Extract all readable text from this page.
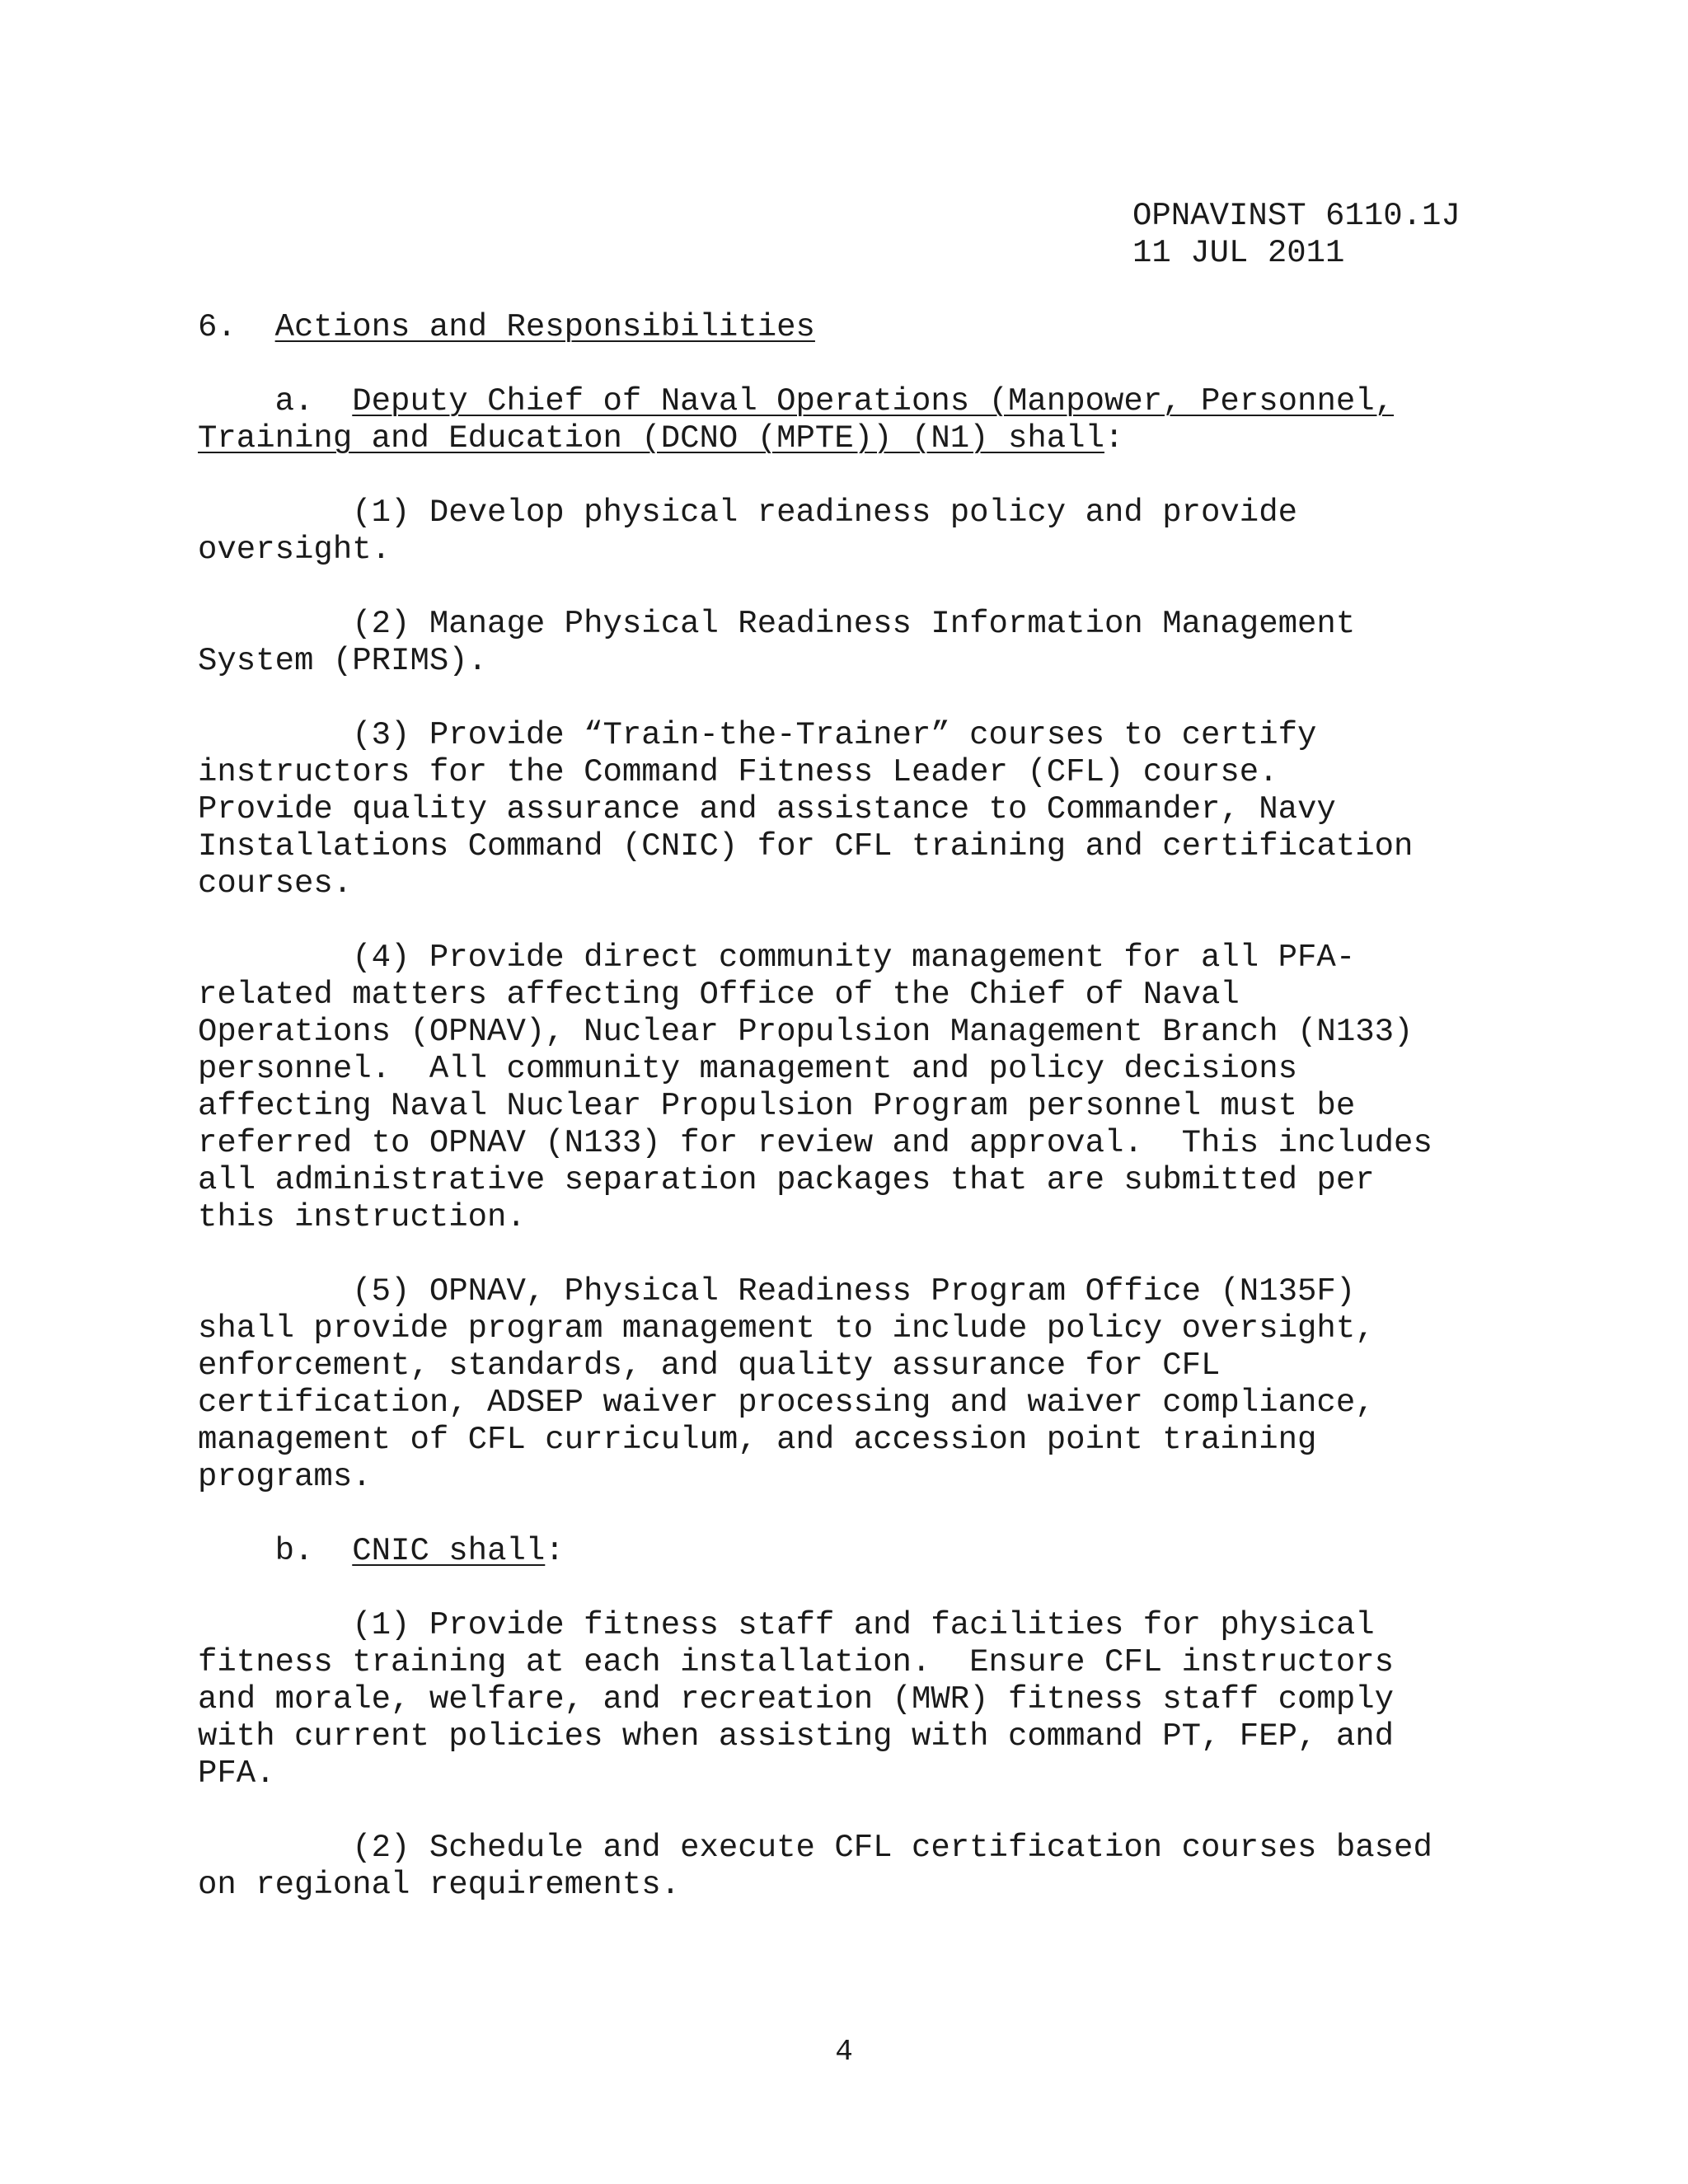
OPNAVINST 6110.1J

11 JUL 2011

6. Actions and Responsibilities

a. Deputy Chief of Naval Operations (Manpower, Personnel,

Training and Education (DCNO (MPTE)) (N1) shall:

(1) Develop physical readiness policy and provide

oversight.

(2) Manage Physical Readiness Information Management

System (PRIMS).

(3) Provide “Train-the-Trainer” courses to certify

instructors for the Command Fitness Leader (CFL) course.

Provide quality assurance and assistance to Commander, Navy

Installations Command (CNIC) for CFL training and certification

courses.

(4) Provide direct community management for all PFA-

related matters affecting Office of the Chief of Naval

Operations (OPNAV), Nuclear Propulsion Management Branch (N133)

personnel.  All community management and policy decisions

affecting Naval Nuclear Propulsion Program personnel must be

referred to OPNAV (N133) for review and approval.  This includes

all administrative separation packages that are submitted per

this instruction.

(5) OPNAV, Physical Readiness Program Office (N135F)

shall provide program management to include policy oversight,

enforcement, standards, and quality assurance for CFL

certification, ADSEP waiver processing and waiver compliance,

management of CFL curriculum, and accession point training

programs.

b. CNIC shall:

(1) Provide fitness staff and facilities for physical

fitness training at each installation.  Ensure CFL instructors

and morale, welfare, and recreation (MWR) fitness staff comply

with current policies when assisting with command PT, FEP, and

PFA.

(2) Schedule and execute CFL certification courses based

on regional requirements.

4
